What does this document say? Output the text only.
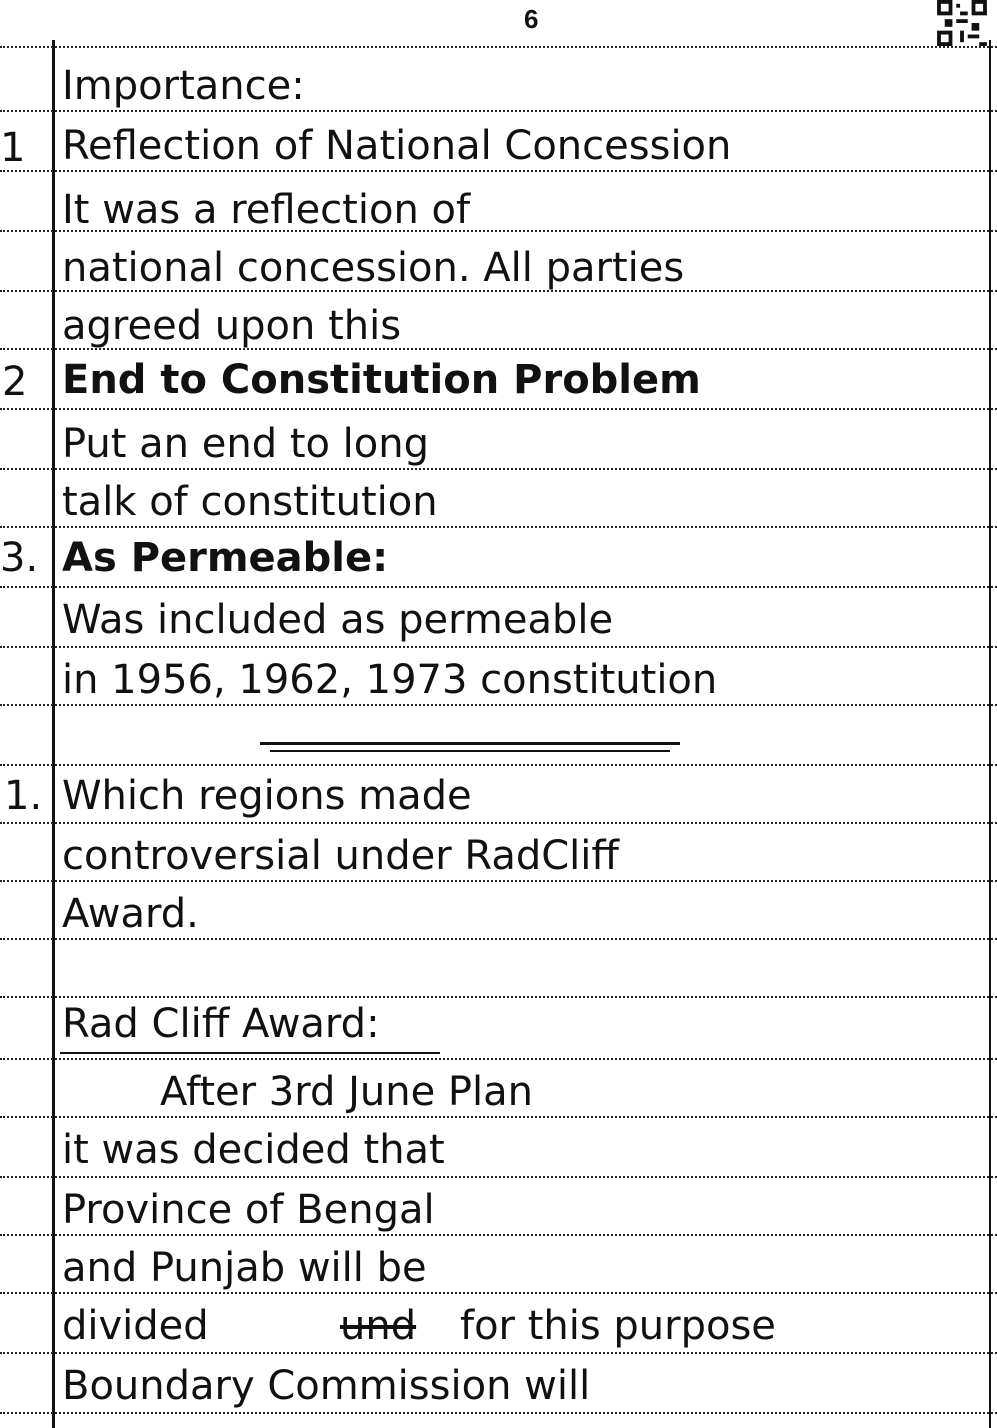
6
Importance:
1 Reflection of National Concession
It was a reflection of
national concession. All parties
agreed upon this
2 End to Constitution Problem
Put an end to long
talk of constitution
3. As Permeable:
Was included as permeable
in 1956, 1962, 1973 constitution
1. Which regions made
controversial under RadCliff
Award.
Rad Cliff Award:
After 3rd June Plan
it was decided that
Province of Bengal
and Punjab will be
divided	und for this purpose
Boundary Commission will
